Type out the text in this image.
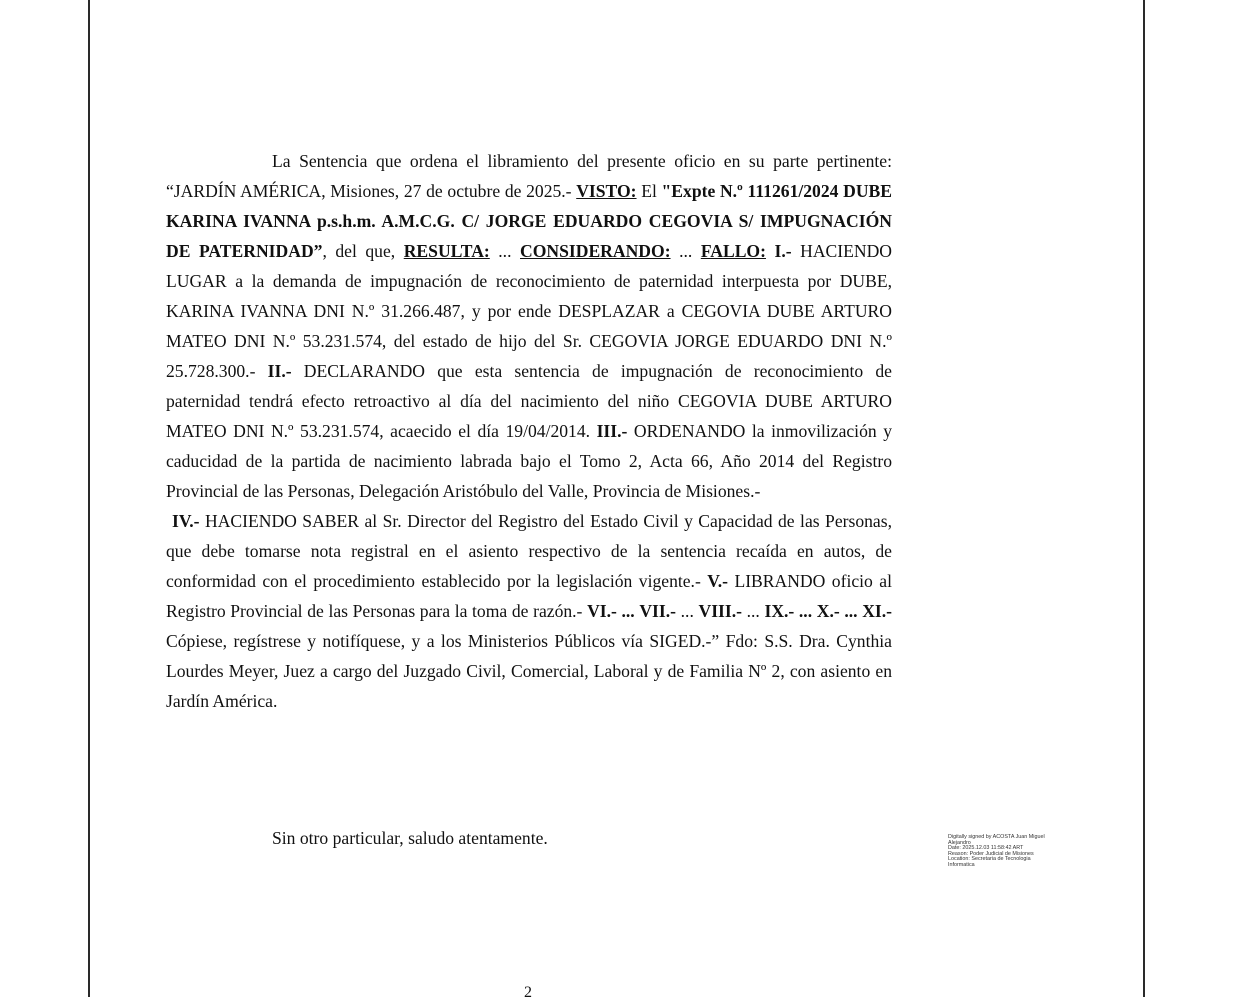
La Sentencia que ordena el libramiento del presente oficio en su parte pertinente: “JARDÍN AMÉRICA, Misiones, 27 de octubre de 2025.- VISTO: El "Expte N.º 111261/2024 DUBE KARINA IVANNA p.s.h.m. A.M.C.G. C/ JORGE EDUARDO CEGOVIA S/ IMPUGNACIÓN DE PATERNIDAD”, del que, RESULTA: ... CONSIDERANDO: ... FALLO: I.- HACIENDO LUGAR a la demanda de impugnación de reconocimiento de paternidad interpuesta por DUBE, KARINA IVANNA DNI N.º 31.266.487, y por ende DESPLAZAR a CEGOVIA DUBE ARTURO MATEO DNI N.º 53.231.574, del estado de hijo del Sr. CEGOVIA JORGE EDUARDO DNI N.º 25.728.300.- II.- DECLARANDO que esta sentencia de impugnación de reconocimiento de paternidad tendrá efecto retroactivo al día del nacimiento del niño CEGOVIA DUBE ARTURO MATEO DNI N.º 53.231.574, acaecido el día 19/04/2014. III.- ORDENANDO la inmovilización y caducidad de la partida de nacimiento labrada bajo el Tomo 2, Acta 66, Año 2014 del Registro Provincial de las Personas, Delegación Aristóbulo del Valle, Provincia de Misiones.-
IV.- HACIENDO SABER al Sr. Director del Registro del Estado Civil y Capacidad de las Personas, que debe tomarse nota registral en el asiento respectivo de la sentencia recaída en autos, de conformidad con el procedimiento establecido por la legislación vigente.- V.- LIBRANDO oficio al Registro Provincial de las Personas para la toma de razón.- VI.- ... VII.- ... VIII.- ... IX.- ... X.- ... XI.- Cópiese, regístrese y notifíquese, y a los Ministerios Públicos vía SIGED.-” Fdo: S.S. Dra. Cynthia Lourdes Meyer, Juez a cargo del Juzgado Civil, Comercial, Laboral y de Familia Nº 2, con asiento en Jardín América.

Sin otro particular, saludo atentamente.	Digitally signed by ACOSTA Juan Miguel
Alejandro
Date: 2025.12.03 11:58:42 ART
Reason: Poder Judicial de Misiones
Location: Secretaria de Tecnologia
Informatica
2
